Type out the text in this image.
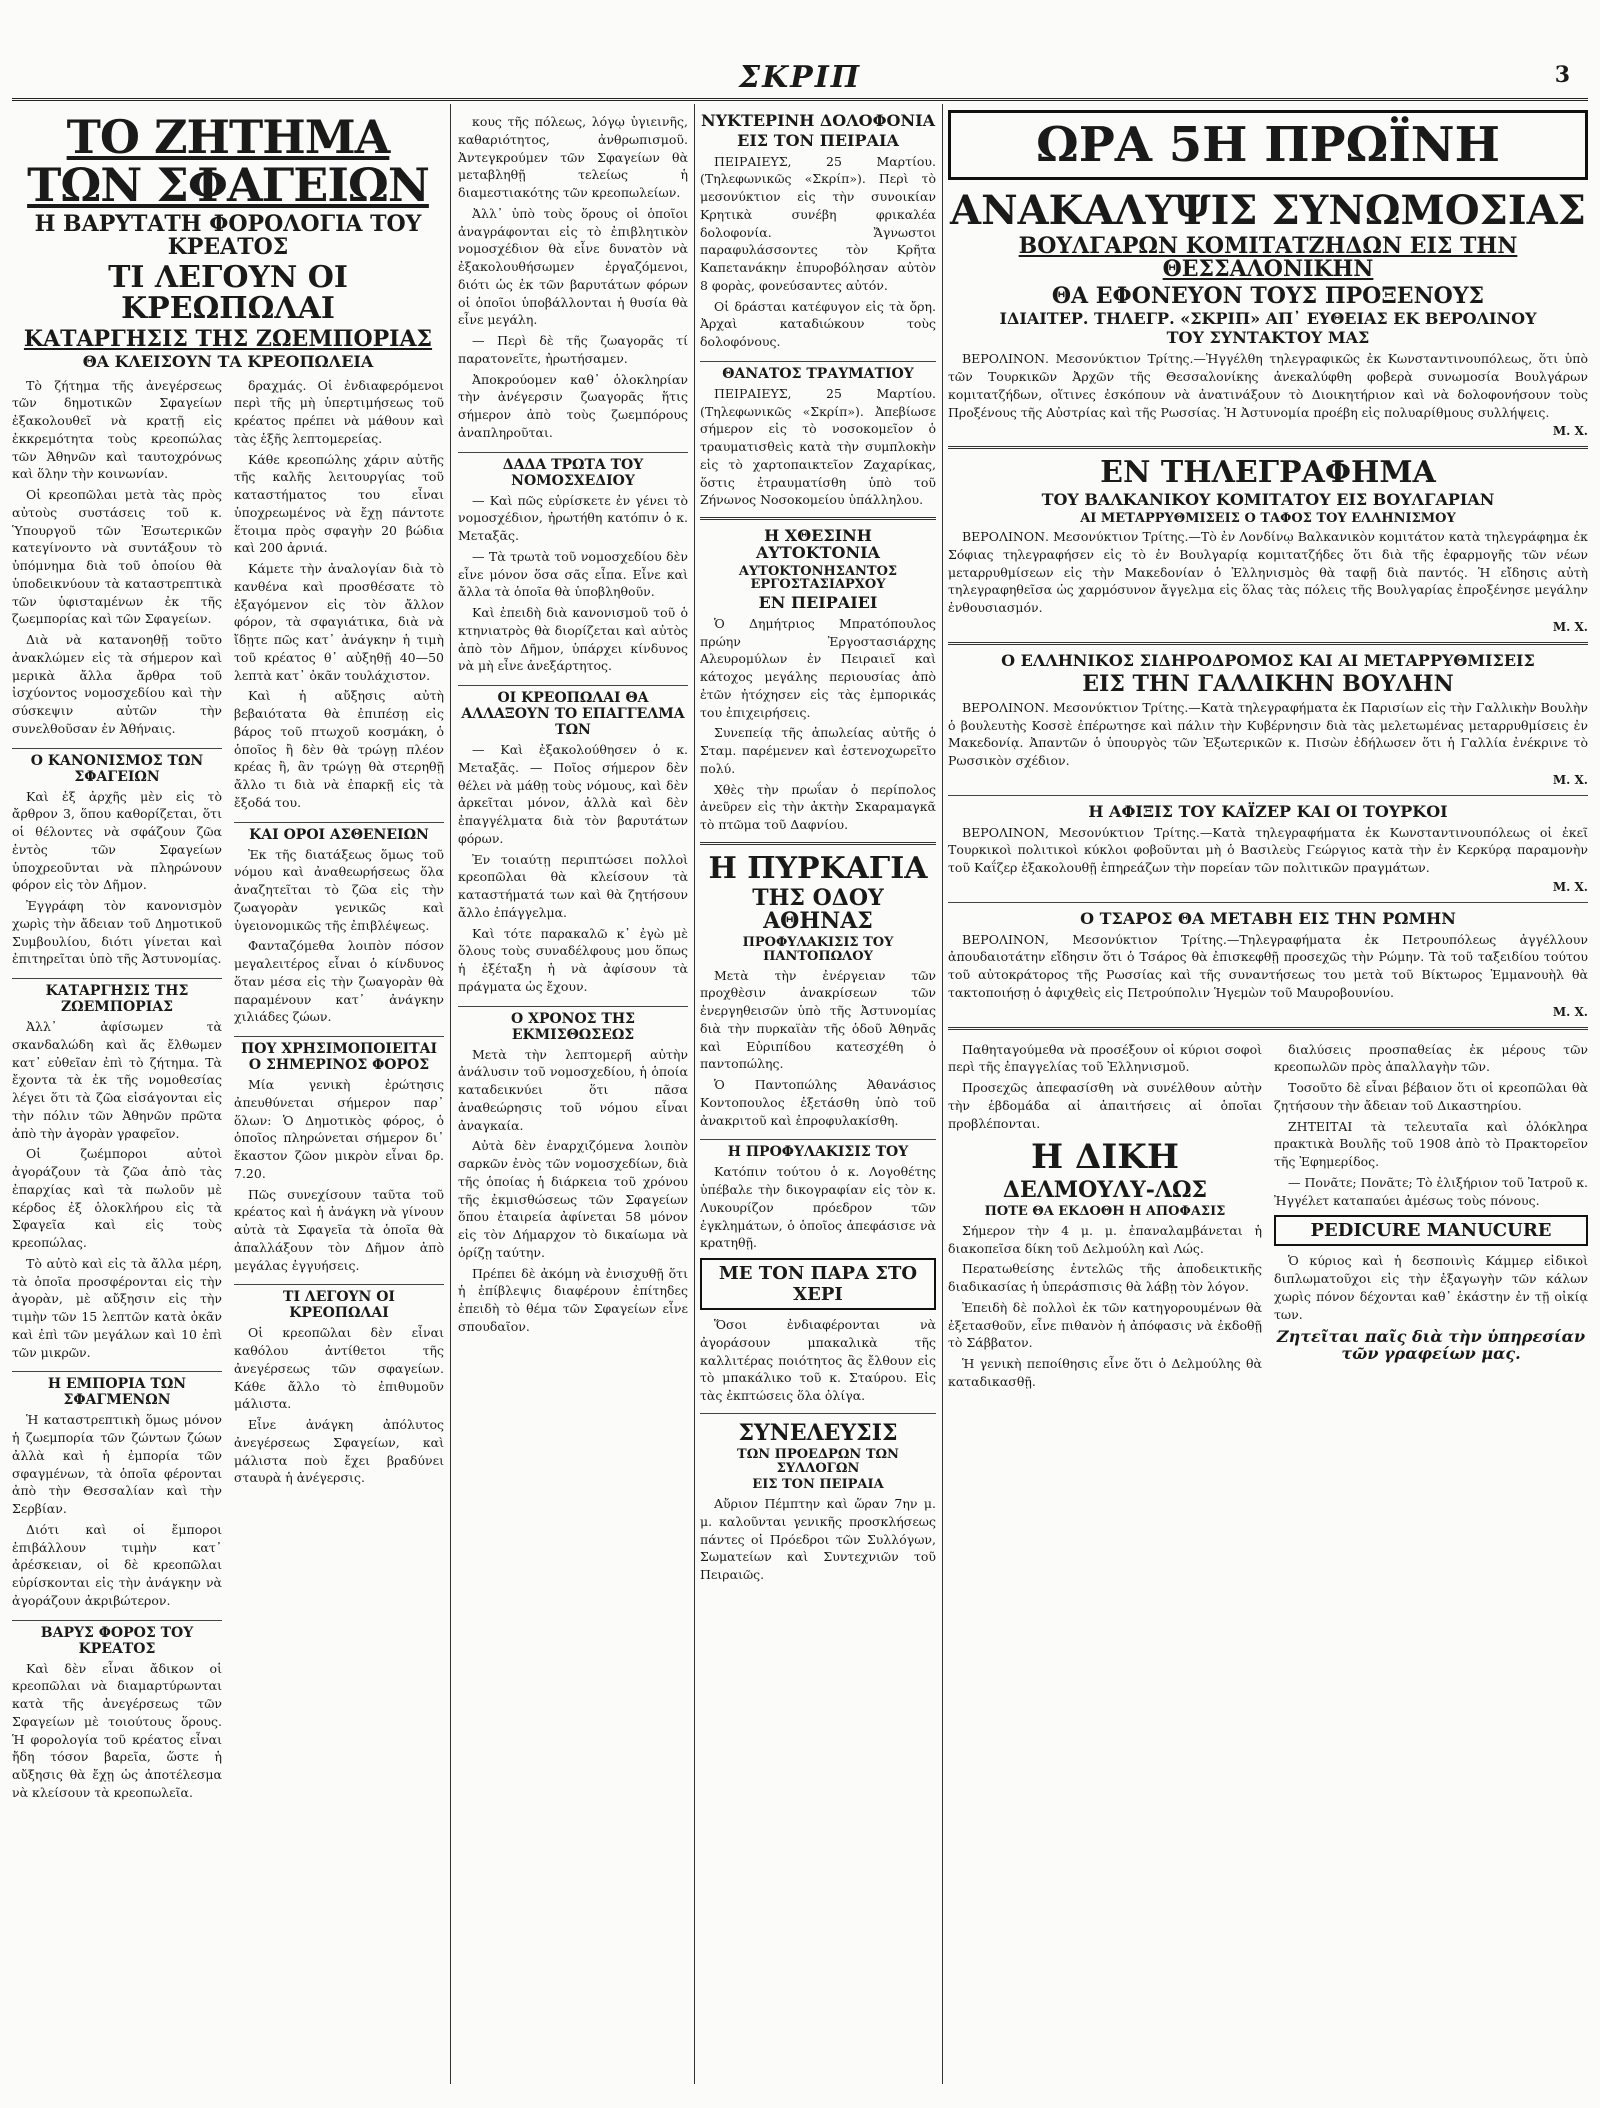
ΣΚΡΙΠ	3
ΤΟ ΖΗΤΗΜΑ ΤΩΝ ΣΦΑΓΕΙΩΝ
Η ΒΑΡΥΤΑΤΗ ΦΟΡΟΛΟΓΙΑ ΤΟΥ ΚΡΕΑΤΟΣ
ΤΙ ΛΕΓΟΥΝ ΟΙ ΚΡΕΩΠΩΛΑΙ
ΚΑΤΑΡΓΗΣΙΣ ΤΗΣ ΖΩΕΜΠΟΡΙΑΣ
ΘΑ ΚΛΕΙΣΟΥΝ ΤΑ ΚΡΕΟΠΩΛΕΙΑ

Τὸ ζήτημα τῆς ἀνεγέρσεως τῶν δημοτικῶν Σφαγείων ἐξακολουθεῖ νὰ κρατῇ εἰς ἐκκρεμότητα τοὺς κρεοπώλας τῶν Ἀθηνῶν καὶ ταυτοχρόνως καὶ ὅλην τὴν κοινωνίαν.

Οἱ κρεοπῶλαι μετὰ τὰς πρὸς αὐτοὺς συστάσεις τοῦ κ. Ὑπουργοῦ τῶν Ἐσωτερικῶν κατεγίνοντο νὰ συντάξουν τὸ ὑπόμνημα διὰ τοῦ ὁποίου θὰ ὑποδεικνύουν τὰ καταστρεπτικὰ τῶν ὑφισταμένων ἐκ τῆς ζωεμπορίας καὶ τῶν Σφαγείων.

Διὰ νὰ κατανοηθῇ τοῦτο ἀνακλώμεν εἰς τὰ σήμερον καὶ μερικὰ ἄλλα ἄρθρα τοῦ ἰσχύοντος νομοσχεδίου καὶ τὴν σύσκεψιν αὐτῶν τὴν συνελθοῦσαν ἐν Ἀθήναις.

Ο ΚΑΝΟΝΙΣΜΟΣ ΤΩΝ ΣΦΑΓΕΙΩΝ

Καὶ ἐξ ἀρχῆς μὲν εἰς τὸ ἄρθρον 3, ὅπου καθορίζεται, ὅτι οἱ θέλοντες νὰ σφάζουν ζῶα ἐντὸς τῶν Σφαγείων ὑποχρεοῦνται νὰ πληρώνουν φόρον εἰς τὸν Δῆμον.

Ἐγγράφη τὸν κανονισμὸν χωρὶς τὴν ἄδειαν τοῦ Δημοτικοῦ Συμβουλίου, διότι γίνεται καὶ ἐπιτηρεῖται ὑπὸ τῆς Ἀστυνομίας.

ΚΑΤΑΡΓΗΣΙΣ ΤΗΣ ΖΩΕΜΠΟΡΙΑΣ

Ἀλλ᾿ ἀφίσωμεν τὰ σκανδαλώδη καὶ ἄς ἔλθωμεν κατ᾿ εὐθεῖαν ἐπὶ τὸ ζήτημα. Τὰ ἔχοντα τὰ ἐκ τῆς νομοθεσίας λέγει ὅτι τὰ ζῶα εἰσάγονται εἰς τὴν πόλιν τῶν Ἀθηνῶν πρῶτα ἀπὸ τὴν ἀγορὰν γραφεῖον.

Οἱ ζωέμποροι αὐτοὶ ἀγοράζουν τὰ ζῶα ἀπὸ τὰς ἐπαρχίας καὶ τὰ πωλοῦν μὲ κέρδος ἐξ ὁλοκλήρου εἰς τὰ Σφαγεῖα καὶ εἰς τοὺς κρεοπώλας.

Τὸ αὐτὸ καὶ εἰς τὰ ἄλλα μέρη, τὰ ὁποῖα προσφέρονται εἰς τὴν ἀγορὰν, μὲ αὔξησιν εἰς τὴν τιμὴν τῶν 15 λεπτῶν κατὰ ὀκᾶν καὶ ἐπὶ τῶν μεγάλων καὶ 10 ἐπὶ τῶν μικρῶν.

Η ΕΜΠΟΡΙΑ ΤΩΝ ΣΦΑΓΜΕΝΩΝ

Ἡ καταστρεπτικὴ ὅμως μόνον ἡ ζωεμπορία τῶν ζώντων ζώων ἀλλὰ καὶ ἡ ἐμπορία τῶν σφαγμένων, τὰ ὁποῖα φέρονται ἀπὸ τὴν Θεσσαλίαν καὶ τὴν Σερβίαν.

Διότι καὶ οἱ ἔμποροι ἐπιβάλλουν τιμὴν κατ᾿ ἀρέσκειαν, οἱ δὲ κρεοπῶλαι εὑρίσκονται εἰς τὴν ἀνάγκην νὰ ἀγοράζουν ἀκριβώτερον.

ΒΑΡΥΣ ΦΟΡΟΣ ΤΟΥ ΚΡΕΑΤΟΣ

Καὶ δὲν εἶναι ἄδικον οἱ κρεοπῶλαι νὰ διαμαρτύρωνται κατὰ τῆς ἀνεγέρσεως τῶν Σφαγείων μὲ τοιούτους ὅρους. Ἡ φορολογία τοῦ κρέατος εἶναι ἤδη τόσον βαρεῖα, ὥστε ἡ αὔξησις θὰ ἔχῃ ὡς ἀποτέλεσμα νὰ κλείσουν τὰ κρεοπωλεῖα.

δραχμάς. Οἱ ἐνδιαφερόμενοι περὶ τῆς μὴ ὑπερτιμήσεως τοῦ κρέατος πρέπει νὰ μάθουν καὶ τὰς ἑξῆς λεπτομερείας.

Κάθε κρεοπώλης χάριν αὐτῆς τῆς καλῆς λειτουργίας τοῦ καταστήματος του εἶναι ὑποχρεωμένος νὰ ἔχῃ πάντοτε ἕτοιμα πρὸς σφαγὴν 20 βώδια καὶ 200 ἀρνιά.

Κάμετε τὴν ἀναλογίαν διὰ τὸ κανθένα καὶ προσθέσατε τὸ ἐξαγόμενον εἰς τὸν ἄλλον φόρον, τὰ σφαγιάτικα, διὰ νὰ ἴδῃτε πῶς κατ᾿ ἀνάγκην ἡ τιμὴ τοῦ κρέατος θ᾿ αὐξηθῇ 40—50 λεπτὰ κατ᾿ ὀκᾶν τουλάχιστον.

Καὶ ἡ αὔξησις αὐτὴ βεβαιότατα θὰ ἐπιπέσῃ εἰς βάρος τοῦ πτωχοῦ κοσμάκη, ὁ ὁποῖος ἢ δὲν θὰ τρώγῃ πλέον κρέας ἢ, ἂν τρώγῃ θὰ στερηθῇ ἄλλο τι διὰ νὰ ἐπαρκῇ εἰς τὰ ἔξοδά του.

ΚΑΙ ΟΡΟΙ ΑΣΘΕΝΕΙΩΝ

Ἐκ τῆς διατάξεως ὅμως τοῦ νόμου καὶ ἀναθεωρήσεως ὅλα ἀναζητεῖται τὸ ζῶα εἰς τὴν ζωαγορὰν γενικῶς καὶ ὑγειονομικῶς τῆς ἐπιβλέψεως.

Φανταζόμεθα λοιπὸν πόσον μεγαλειτέρος εἶναι ὁ κίνδυνος ὅταν μέσα εἰς τὴν ζωαγορὰν θὰ παραμένουν κατ᾿ ἀνάγκην χιλιάδες ζώων.

ΠΟΥ ΧΡΗΣΙΜΟΠΟΙΕΙΤΑΙ Ο ΣΗΜΕΡΙΝΟΣ ΦΟΡΟΣ

Μία γενικὴ ἐρώτησις ἀπευθύνεται σήμερον παρ᾿ ὅλων: Ὁ Δημοτικὸς φόρος, ὁ ὁποῖος πληρώνεται σήμερον δι᾿ ἕκαστον ζῶον μικρὸν εἶναι δρ. 7.20.

Πῶς συνεχίσουν ταῦτα τοῦ κρέατος καὶ ἡ ἀνάγκη νὰ γίνουν αὐτὰ τὰ Σφαγεῖα τὰ ὁποῖα θὰ ἀπαλλάξουν τὸν Δῆμον ἀπὸ μεγάλας ἐγγυήσεις.

ΤΙ ΛΕΓΟΥΝ ΟΙ ΚΡΕΟΠΩΛΑΙ

Οἱ κρεοπῶλαι δὲν εἶναι καθόλου ἀντίθετοι τῆς ἀνεγέρσεως τῶν σφαγείων. Κάθε ἄλλο τὸ ἐπιθυμοῦν μάλιστα.

Εἶνε ἀνάγκη ἀπόλυτος ἀνεγέρσεως Σφαγείων, καὶ μάλιστα ποὺ ἔχει βραδύνει σταυρὰ ἡ ἀνέγερσις.

κους τῆς πόλεως, λόγῳ ὑγιεινῆς, καθαριότητος, ἀνθρωπισμοῦ. Ἀντεγκρούμεν τῶν Σφαγείων θὰ μεταβληθῇ τελείως ἡ διαμεστιακότης τῶν κρεοπωλείων.

Ἀλλ᾿ ὑπὸ τοὺς ὅρους οἱ ὁποῖοι ἀναγράφονται εἰς τὸ ἐπιβλητικὸν νομοσχέδιον θὰ εἶνε δυνατὸν νὰ ἐξακολουθήσωμεν ἐργαζόμενοι, διότι ὡς ἐκ τῶν βαρυτάτων φόρων οἱ ὁποῖοι ὑποβάλλονται ἡ θυσία θὰ εἶνε μεγάλη.

— Περὶ δὲ τῆς ζωαγορᾶς τί παρατονεῖτε, ἠρωτήσαμεν.

Ἀποκρούομεν καθ᾿ ὁλοκληρίαν τὴν ἀνέγερσιν ζωαγορᾶς ἥτις σήμερον ἀπὸ τοὺς ζωεμπόρους ἀναπληροῦται.

ΔΑΔΑ ΤΡΩΤΑ ΤΟΥ ΝΟΜΟΣΧΕΔΙΟΥ

— Καὶ πῶς εὑρίσκετε ἐν γένει τὸ νομοσχέδιον, ἠρωτήθη κατόπιν ὁ κ. Μεταξᾶς.

— Τὰ τρωτὰ τοῦ νομοσχεδίου δὲν εἶνε μόνον ὅσα σᾶς εἶπα. Εἶνε καὶ ἄλλα τὰ ὁποῖα θὰ ὑποβληθοῦν.

Καὶ ἐπειδὴ διὰ κανονισμοῦ τοῦ ὁ κτηνιατρὸς θὰ διορίζεται καὶ αὐτὸς ἀπὸ τὸν Δῆμον, ὑπάρχει κίνδυνος νὰ μὴ εἶνε ἀνεξάρτητος.

ΟΙ ΚΡΕΟΠΩΛΑΙ ΘΑ ΑΛΛΑΞΟΥΝ ΤΟ ΕΠΑΓΓΕΛΜΑ ΤΩΝ

— Καὶ ἐξακολούθησεν ὁ κ. Μεταξᾶς. — Ποῖος σήμερον δὲν θέλει νὰ μάθῃ τοὺς νόμους, καὶ δὲν ἀρκεῖται μόνον, ἀλλὰ καὶ δὲν ἐπαγγέλματα διὰ τὸν βαρυτάτων φόρων.

Ἐν τοιαύτῃ περιπτώσει πολλοὶ κρεοπῶλαι θὰ κλείσουν τὰ καταστήματά των καὶ θὰ ζητήσουν ἄλλο ἐπάγγελμα.

Καὶ τότε παρακαλῶ κ᾿ ἐγὼ μὲ ὅλους τοὺς συναδέλφους μου ὅπως ἡ ἐξέταξη ἡ νὰ ἀφίσουν τὰ πράγματα ὡς ἔχουν.

Ο ΧΡΟΝΟΣ ΤΗΣ ΕΚΜΙΣΘΩΣΕΩΣ

Μετὰ τὴν λεπτομερῆ αὐτὴν ἀνάλυσιν τοῦ νομοσχεδίου, ἡ ὁποία καταδεικνύει ὅτι πᾶσα ἀναθεώρησις τοῦ νόμου εἶναι ἀναγκαία.

Αὐτὰ δὲν ἐναρχιζόμενα λοιπὸν σαρκῶν ἐνὸς τῶν νομοσχεδίων, διὰ τῆς ὁποίας ἡ διάρκεια τοῦ χρόνου τῆς ἐκμισθώσεως τῶν Σφαγείων ὅπου ἐταιρεία ἀφίνεται 58 μόνον εἰς τὸν Δήμαρχον τὸ δικαίωμα νὰ ὁρίζῃ ταύτην.

Πρέπει δὲ ἀκόμη νὰ ἐνισχυθῇ ὅτι ἡ ἐπίβλεψις διαφέρουν ἐπίτηδες ἐπειδὴ τὸ θέμα τῶν Σφαγείων εἶνε σπουδαῖον.

ΝΥΚΤΕΡΙΝΗ ΔΟΛΟΦΟΝΙΑ
ΕΙΣ ΤΟΝ ΠΕΙΡΑΙΑ

ΠΕΙΡΑΙΕΥΣ, 25 Μαρτίου. (Τηλεφωνικῶς «Σκρίπ»). Περὶ τὸ μεσονύκτιον εἰς τὴν συνοικίαν Κρητικὰ συνέβη φρικαλέα δολοφονία. Ἄγνωστοι παραφυλάσσοντες τὸν Κρῆτα Καπετανάκην ἐπυροβόλησαν αὐτὸν 8 φορὰς, φονεύσαντες αὐτόν.

Οἱ δράσται κατέφυγον εἰς τὰ ὄρη. Ἀρχαὶ καταδιώκουν τοὺς δολοφόνους.

ΘΑΝΑΤΟΣ ΤΡΑΥΜΑΤΙΟΥ

ΠΕΙΡΑΙΕΥΣ, 25 Μαρτίου. (Τηλεφωνικῶς «Σκρίπ»). Ἀπεβίωσε σήμερον εἰς τὸ νοσοκομεῖον ὁ τραυματισθεὶς κατὰ τὴν συμπλοκὴν εἰς τὸ χαρτοπαικτεῖον Ζαχαρίκας, ὅστις ἐτραυματίσθη ὑπὸ τοῦ Ζήνωνος Νοσοκομείου ὑπάλληλου.

Η ΧΘΕΣΙΝΗ ΑΥΤΟΚΤΟΝΙΑ
ΑΥΤΟΚΤΟΝΗΣΑΝΤΟΣ ΕΡΓΟΣΤΑΣΙΑΡΧΟΥ
ΕΝ ΠΕΙΡΑΙΕΙ

Ὁ Δημήτριος Μπρατόπουλος πρώην Ἐργοστασιάρχης Αλευρομύλων ἐν Πειραιεῖ καὶ κάτοχος μεγάλης περιουσίας ἀπὸ ἐτῶν ἠτόχησεν εἰς τὰς ἐμπορικάς του ἐπιχειρήσεις.

Συνεπείᾳ τῆς ἀπωλείας αὐτῆς ὁ Σταμ. παρέμενεν καὶ ἐστενοχωρεῖτο πολύ.

Χθὲς τὴν πρωΐαν ὁ περίπολος ἀνεῦρεν εἰς τὴν ἀκτὴν Σκαραμαγκᾶ τὸ πτῶμα τοῦ Δαφνίου.

Η ΠΥΡΚΑΓΙΑ
ΤΗΣ ΟΔΟΥ ΑΘΗΝΑΣ
ΠΡΟΦΥΛΑΚΙΣΙΣ ΤΟΥ ΠΑΝΤΟΠΩΛΟΥ

Μετὰ τὴν ἐνέργειαν τῶν προχθὲσιν ἀνακρίσεων τῶν ἐνεργηθεισῶν ὑπὸ τῆς Ἀστυνομίας διὰ τὴν πυρκαϊὰν τῆς ὁδοῦ Ἀθηνᾶς καὶ Εὐριπίδου κατεσχέθη ὁ παντοπώλης.

Ὁ Παντοπώλης Ἀθανάσιος Κοντοπουλος ἐξετάσθη ὑπὸ τοῦ ἀνακριτοῦ καὶ ἐπροφυλακίσθη.

Η ΠΡΟΦΥΛΑΚΙΣΙΣ ΤΟΥ

Κατόπιν τούτου ὁ κ. Λογοθέτης ὑπέβαλε τὴν δικογραφίαν εἰς τὸν κ. Λυκουρίζον πρόεδρον τῶν ἐγκλημάτων, ὁ ὁποῖος ἀπεφάσισε νὰ κρατηθῇ.

ΜΕ ΤΟΝ ΠΑΡΑ ΣΤΟ ΧΕΡΙ

Ὅσοι ἐνδιαφέρονται νὰ ἀγοράσουν μπακαλικὰ τῆς καλλιτέρας ποιότητος ἂς ἔλθουν εἰς τὸ μπακάλικο τοῦ κ. Σταύρου. Εἰς τὰς ἐκπτώσεις ὅλα ὀλίγα.

ΣΥΝΕΛΕΥΣΙΣ
ΤΩΝ ΠΡΟΕΔΡΩΝ ΤΩΝ ΣΥΛΛΟΓΩΝ
ΕΙΣ ΤΟΝ ΠΕΙΡΑΙΑ

Αὔριον Πέμπτην καὶ ὥραν 7ην μ. μ. καλοῦνται γενικῆς προσκλήσεως πάντες οἱ Πρόεδροι τῶν Συλλόγων, Σωματείων καὶ Συντεχνιῶν τοῦ Πειραιῶς.

ΩΡΑ 5Η ΠΡΩΪΝΗ
ΑΝΑΚΑΛΥΨΙΣ ΣΥΝΩΜΟΣΙΑΣ
ΒΟΥΛΓΑΡΩΝ ΚΟΜΙΤΑΤΖΗΔΩΝ ΕΙΣ ΤΗΝ ΘΕΣΣΑΛΟΝΙΚΗΝ
ΘΑ ΕΦΟΝΕΥΟΝ ΤΟΥΣ ΠΡΟΞΕΝΟΥΣ
ΙΔΙΑΙΤΕΡ. ΤΗΛΕΓΡ. «ΣΚΡΙΠ» ΑΠ᾿ ΕΥΘΕΙΑΣ ΕΚ ΒΕΡΟΛΙΝΟΥ
ΤΟΥ ΣΥΝΤΑΚΤΟΥ ΜΑΣ

ΒΕΡΟΛΙΝΟΝ. Μεσονύκτιον Τρίτης.—Ἠγγέλθη τηλεγραφικῶς ἐκ Κωνσταντινουπόλεως, ὅτι ὑπὸ τῶν Τουρκικῶν Ἀρχῶν τῆς Θεσσαλονίκης ἀνεκαλύφθη φοβερὰ συνωμοσία Βουλγάρων κομιτατζήδων, οἵτινες ἐσκόπουν νὰ ἀνατινάξουν τὸ Διοικητήριον καὶ νὰ δολοφονήσουν τοὺς Προξένους τῆς Αὐστρίας καὶ τῆς Ρωσσίας. Ἡ Ἀστυνομία προέβη εἰς πολυαρίθμους συλλήψεις.

Μ. Χ.
ΕΝ ΤΗΛΕΓΡΑΦΗΜΑ
ΤΟΥ ΒΑΛΚΑΝΙΚΟΥ ΚΟΜΙΤΑΤΟΥ ΕΙΣ ΒΟΥΛΓΑΡΙΑΝ
ΑΙ ΜΕΤΑΡΡΥΘΜΙΣΕΙΣ Ο ΤΑΦΟΣ ΤΟΥ ΕΛΛΗΝΙΣΜΟΥ

ΒΕΡΟΛΙΝΟΝ. Μεσονύκτιον Τρίτης.—Τὸ ἐν Λονδίνῳ Βαλκανικὸν κομιτάτον κατὰ τηλεγράφημα ἐκ Σόφιας τηλεγραφήσεν εἰς τὸ ἐν Βουλγαρίᾳ κομιτατζήδες ὅτι διὰ τῆς ἐφαρμογῆς τῶν νέων μεταρρυθμίσεων εἰς τὴν Μακεδονίαν ὁ Ἑλληνισμὸς θὰ ταφῇ διὰ παντός. Ἡ εἴδησις αὐτὴ τηλεγραφηθεῖσα ὡς χαρμόσυνον ἄγγελμα εἰς ὅλας τὰς πόλεις τῆς Βουλγαρίας ἐπροξένησε μεγάλην ἐνθουσιασμόν.

Μ. Χ.
Ο ΕΛΛΗΝΙΚΟΣ ΣΙΔΗΡΟΔΡΟΜΟΣ ΚΑΙ ΑΙ ΜΕΤΑΡΡΥΘΜΙΣΕΙΣ
ΕΙΣ ΤΗΝ ΓΑΛΛΙΚΗΝ ΒΟΥΛΗΝ

ΒΕΡΟΛΙΝΟΝ. Μεσονύκτιον Τρίτης.—Κατὰ τηλεγραφήματα ἐκ Παρισίων εἰς τὴν Γαλλικὴν Βουλὴν ὁ βουλευτὴς Κοσσὲ ἐπέρωτησε καὶ πάλιν τὴν Κυβέρνησιν διὰ τὰς μελετωμένας μεταρρυθμίσεις ἐν Μακεδονίᾳ. Ἀπαντῶν ὁ ὑπουργὸς τῶν Ἐξωτερικῶν κ. Πισὼν ἐδήλωσεν ὅτι ἡ Γαλλία ἐνέκρινε τὸ Ρωσσικὸν σχέδιον.

Μ. Χ.
Η ΑΦΙΞΙΣ ΤΟΥ ΚΑΪΖΕΡ ΚΑΙ ΟΙ ΤΟΥΡΚΟΙ

ΒΕΡΟΛΙΝΟΝ, Μεσονύκτιον Τρίτης.—Κατὰ τηλεγραφήματα ἐκ Κωνσταντινουπόλεως οἱ ἐκεῖ Τουρκικοὶ πολιτικοὶ κύκλοι φοβοῦνται μὴ ὁ Βασιλεὺς Γεώργιος κατὰ τὴν ἐν Κερκύρᾳ παραμονὴν τοῦ Καΐζερ ἐξακολουθῇ ἐπηρεάζων τὴν πορείαν τῶν πολιτικῶν πραγμάτων.

Μ. Χ.
Ο ΤΣΑΡΟΣ ΘΑ ΜΕΤΑΒΗ ΕΙΣ ΤΗΝ ΡΩΜΗΝ

ΒΕΡΟΛΙΝΟΝ, Μεσονύκτιον Τρίτης.—Τηλεγραφήματα ἐκ Πετρουπόλεως ἀγγέλλουν ἀπουδαιοτάτην εἴδησιν ὅτι ὁ Τσάρος θὰ ἐπισκεφθῇ προσεχῶς τὴν Ρώμην. Τὰ τοῦ ταξειδίου τούτου τοῦ αὐτοκράτορος τῆς Ρωσσίας καὶ τῆς συναντήσεως του μετὰ τοῦ Βίκτωρος Ἐμμανουὴλ θὰ τακτοποιήσῃ ὁ ἀφιχθεὶς εἰς Πετρούπολιν Ἡγεμὼν τοῦ Μαυροβουνίου.

Μ. Χ.

Παθηταγούμεθα νὰ προσέξουν οἱ κύριοι σοφοὶ περὶ τῆς ἐπαγγελίας τοῦ Ἑλληνισμοῦ.

Προσεχῶς ἀπεφασίσθη νὰ συνέλθουν αὐτὴν τὴν ἑβδομάδα αἱ ἀπαιτήσεις αἱ ὁποῖαι προβλέπονται.

Η ΔΙΚΗ
ΔΕΛΜΟΥΛΥ-ΛΩΣ
ΠΟΤΕ ΘΑ ΕΚΔΟΘΗ Η ΑΠΟΦΑΣΙΣ

Σήμερον τὴν 4 μ. μ. ἐπαναλαμβάνεται ἡ διακοπεῖσα δίκη τοῦ Δελμούλη καὶ Λώς.

Περατωθείσης ἐντελῶς τῆς ἀποδεικτικῆς διαδικασίας ἡ ὑπεράσπισις θὰ λάβῃ τὸν λόγον.

Ἐπειδὴ δὲ πολλοὶ ἐκ τῶν κατηγορουμένων θὰ ἐξετασθοῦν, εἶνε πιθανὸν ἡ ἀπόφασις νὰ ἐκδοθῇ τὸ Σάββατον.

Ἡ γενικὴ πεποίθησις εἶνε ὅτι ὁ Δελμούλης θὰ καταδικασθῇ.

διαλύσεις προσπαθείας ἐκ μέρους τῶν κρεοπωλῶν πρὸς ἀπαλλαγὴν τῶν.

Τοσοῦτο δὲ εἶναι βέβαιον ὅτι οἱ κρεοπῶλαι θὰ ζητήσουν τὴν ἄδειαν τοῦ Δικαστηρίου.

ΖΗΤΕΙΤΑΙ τὰ τελευταῖα καὶ ὁλόκληρα πρακτικὰ Βουλῆς τοῦ 1908 ἀπὸ τὸ Πρακτορεῖον τῆς Ἐφημερίδος.

— Πονᾶτε; Πονᾶτε; Τὸ ἐλιξήριον τοῦ Ἰατροῦ κ. Ἠγγέλετ καταπαύει ἀμέσως τοὺς πόνους.

PEDICURE MANUCURE

Ὁ κύριος καὶ ἡ δεσποινὶς Κάμμερ εἰδικοὶ διπλωματοῦχοι εἰς τὴν ἐξαγωγὴν τῶν κάλων χωρὶς πόνον δέχονται καθ᾿ ἑκάστην ἐν τῇ οἰκίᾳ των.

Ζητεῖται παῖς διὰ τὴν ὑπηρεσίαν τῶν γραφείων μας.
